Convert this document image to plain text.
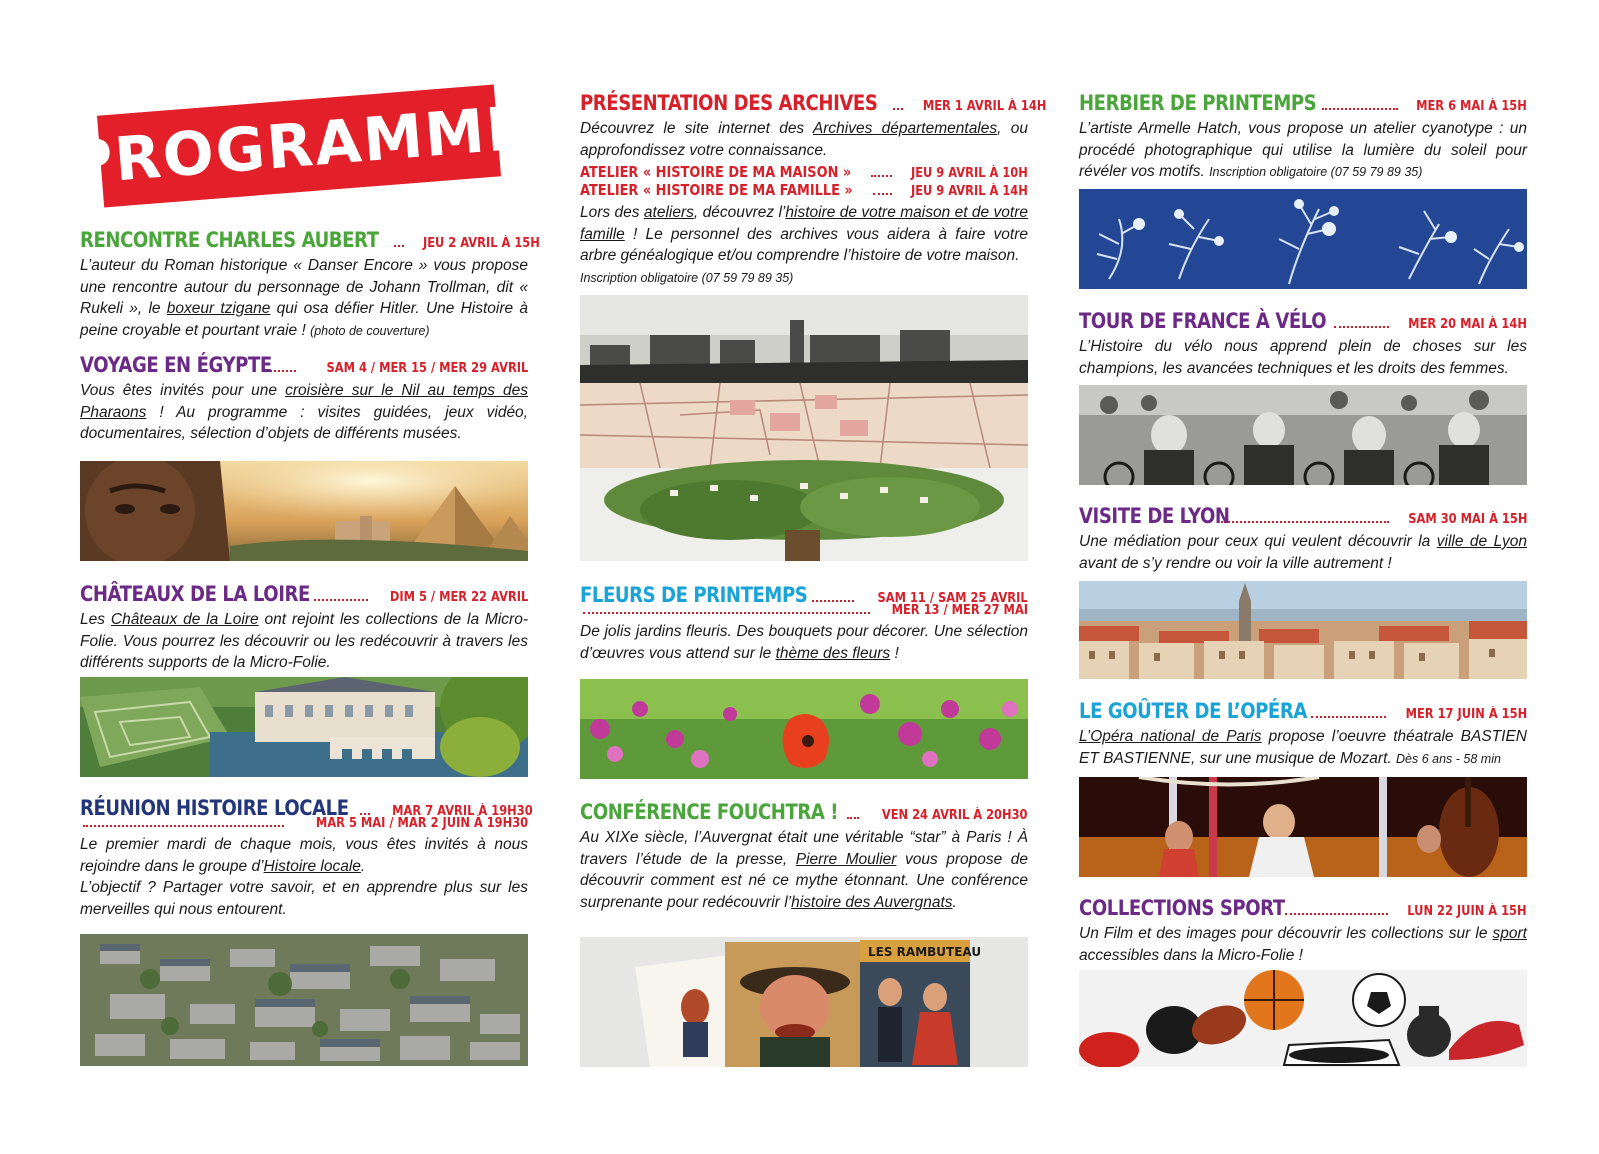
PROGRAMME
RENCONTRE CHARLES AUBERT	JEU 2 AVRIL À 15H

L’auteur du Roman historique « Danser Encore » vous propose une rencontre autour du personnage de Johann Trollman, dit « Rukeli », le boxeur tzigane qui osa défier Hitler. Une Histoire à peine croyable et pourtant vraie ! (photo de couverture)

VOYAGE EN ÉGYPTE	SAM 4 / MER 15 / MER 29 AVRIL

Vous êtes invités pour une croisière sur le Nil au temps des Pharaons ! Au programme : visites guidées, jeux vidéo, documentaires, sélection d’objets de différents musées.

CHÂTEAUX DE LA LOIRE	DIM 5 / MER 22 AVRIL

Les Châteaux de la Loire ont rejoint les collections de la Micro-Folie. Vous pourrez les découvrir ou les redécouvrir à travers les différents supports de la Micro-Folie.

RÉUNION HISTOIRE LOCALE	MAR 7 AVRIL À 19H30
MAR 5 MAI / MAR 2 JUIN À 19H30

Le premier mardi de chaque mois, vous êtes invités à nous rejoindre dans le groupe d’Histoire locale.
L’objectif ? Partager votre savoir, et en apprendre plus sur les merveilles qui nous entourent.

PRÉSENTATION DES ARCHIVES	MER 1 AVRIL À 14H

Découvrez le site internet des Archives départementales, ou approfondissez votre connaissance.

ATELIER « HISTOIRE DE MA MAISON »	JEU 9 AVRIL À 10H
ATELIER « HISTOIRE DE MA FAMILLE »	JEU 9 AVRIL À 14H

Lors des ateliers, découvrez l’histoire de votre maison et de votre famille ! Le personnel des archives vous aidera à faire votre arbre généalogique et/ou comprendre l’histoire de votre maison.
Inscription obligatoire (07 59 79 89 35)

FLEURS DE PRINTEMPS	SAM 11 / SAM 25 AVRIL
MER 13 / MER 27 MAI

De jolis jardins fleuris. Des bouquets pour décorer. Une sélection d’œuvres vous attend sur le thème des fleurs !

CONFÉRENCE FOUCHTRA !	VEN 24 AVRIL À 20H30

Au XIXe siècle, l’Auvergnat était une véritable “star” à Paris ! À travers l’étude de la presse, Pierre Moulier vous propose de découvrir comment est né ce mythe étonnant. Une conférence surprenante pour redécouvrir l’histoire des Auvergnats.

LES RAMBUTEAU
HERBIER DE PRINTEMPS	MER 6 MAI À 15H

L’artiste Armelle Hatch, vous propose un atelier cyanotype : un procédé photographique qui utilise la lumière du soleil pour révéler vos motifs. Inscription obligatoire (07 59 79 89 35)

TOUR DE FRANCE À VÉLO	MER 20 MAI À 14H

L’Histoire du vélo nous apprend plein de choses sur les champions, les avancées techniques et les droits des femmes.

VISITE DE LYON	SAM 30 MAI À 15H

Une médiation pour ceux qui veulent découvrir la ville de Lyon avant de s’y rendre ou voir la ville autrement !

LE GOÛTER DE L’OPÉRA	MER 17 JUIN À 15H

L’Opéra national de Paris propose l’oeuvre théatrale BASTIEN ET BASTIENNE, sur une musique de Mozart. Dès 6 ans - 58 min

COLLECTIONS SPORT	LUN 22 JUIN À 15H

Un Film et des images pour découvrir les collections sur le sport accessibles dans la Micro-Folie !
